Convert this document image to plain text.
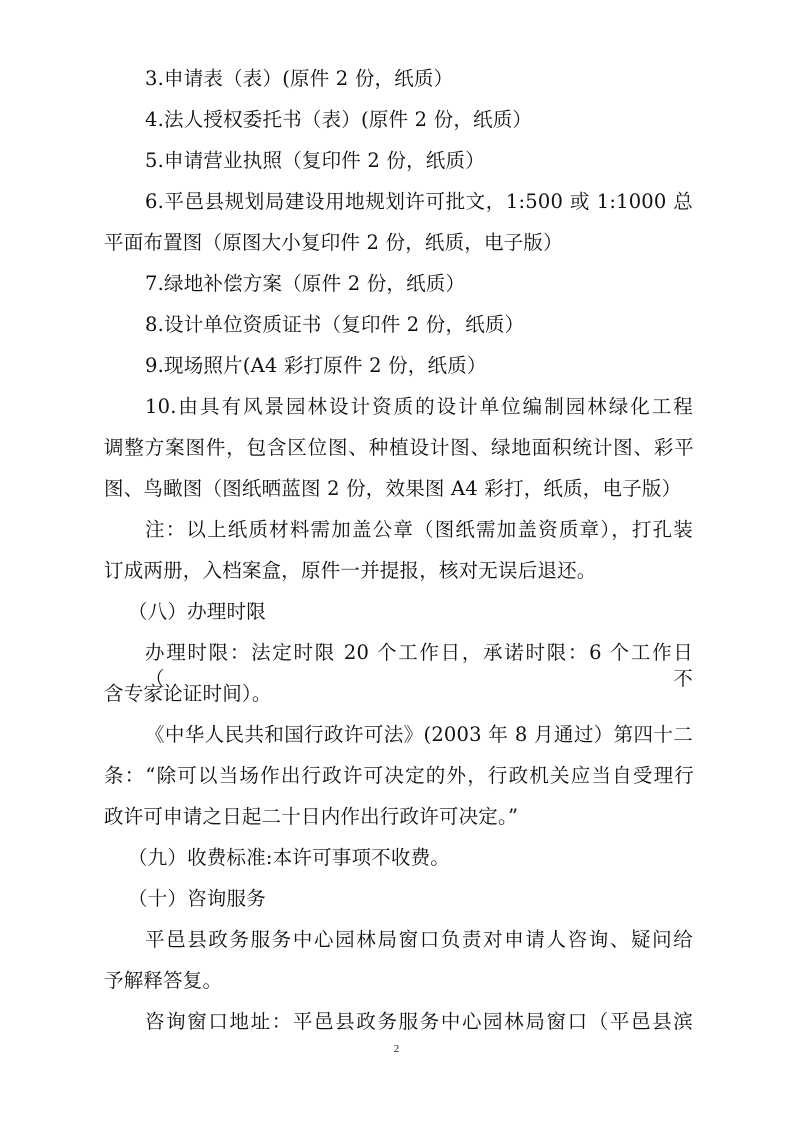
3.申请表（表）(原件 2 份，纸质）

4.法人授权委托书（表）(原件 2 份，纸质）

5.申请营业执照（复印件 2 份，纸质）

6.平邑县规划局建设用地规划许可批文，1:500 或 1:1000 总

平面布置图（原图大小复印件 2 份，纸质，电子版）

7.绿地补偿方案（原件 2 份，纸质）

8.设计单位资质证书（复印件 2 份，纸质）

9.现场照片(A4 彩打原件 2 份，纸质）

10.由具有风景园林设计资质的设计单位编制园林绿化工程

调整方案图件，包含区位图、种植设计图、绿地面积统计图、彩平

图、鸟瞰图（图纸晒蓝图 2 份，效果图 A4 彩打，纸质，电子版）

注：以上纸质材料需加盖公章（图纸需加盖资质章），打孔装

订成两册，入档案盒，原件一并提报，核对无误后退还。

（八）办理时限

办理时限：法定时限 20 个工作日，承诺时限：6 个工作日（不

含专家论证时间）。

《中华人民共和国行政许可法》(2003 年 8 月通过）第四十二

条：“除可以当场作出行政许可决定的外，行政机关应当自受理行

政许可申请之日起二十日内作出行政许可决定。”

（九）收费标准:本许可事项不收费。

（十）咨询服务

平邑县政务服务中心园林局窗口负责对申请人咨询、疑问给

予解释答复。

咨询窗口地址：平邑县政务服务中心园林局窗口（平邑县滨

2
